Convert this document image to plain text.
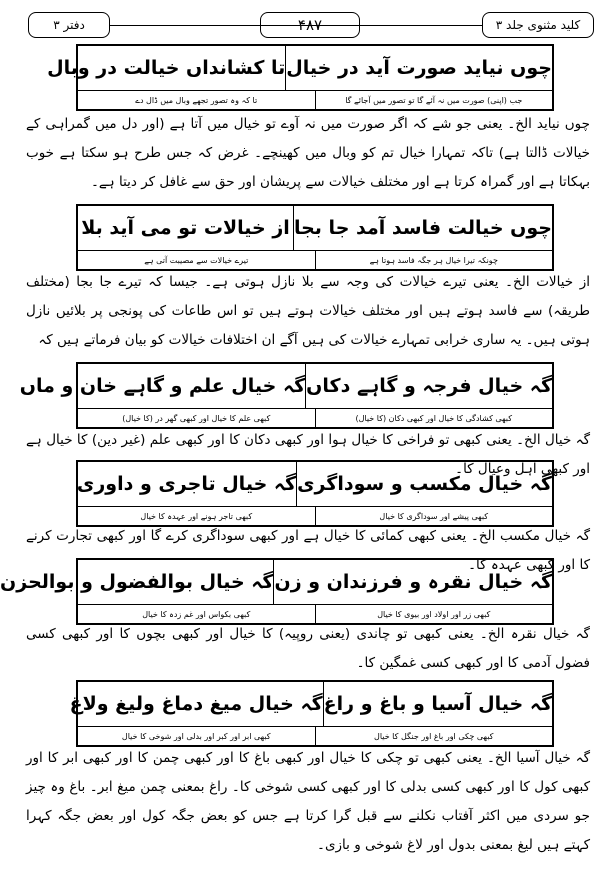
کلید مثنوی جلد ۳
۴۸۷
دفتر ۳
چوں نیاید صورت آید در خیال
تا کشانداں خیالت در وبال
جب (اپنی) صورت میں نہ آئے گا تو تصور میں آجائے گا
تا کہ وہ تصور تجھے وبال میں ڈال دے

چوں نیاید الخ۔ یعنی جو شے کہ اگر صورت میں نہ آوے تو خیال میں آتا ہے (اور دل میں گمراہی کے خیالات ڈالتا ہے) تاکہ تمہارا خیال تم کو وبال میں کھینچے۔ غرض کہ جس طرح ہو سکتا ہے خوب بہکاتا ہے اور گمراہ کرتا ہے اور مختلف خیالات سے پریشان اور حق سے غافل کر دیتا ہے۔

چوں خیالت فاسد آمد جا بجا
از خیالات تو می آید بلا
چونکہ تیرا خیال ہر جگہ فاسد ہوتا ہے
تیرے خیالات سے مصیبت آتی ہے

از خیالات الخ۔ یعنی تیرے خیالات کی وجہ سے بلا نازل ہوتی ہے۔ جیسا کہ تیرے جا بجا (مختلف طریقہ) سے فاسد ہوتے ہیں اور مختلف خیالات ہوتے ہیں تو اس طاعات کی پونجی پر بلائیں نازل ہوتی ہیں۔ یہ ساری خرابی تمہارے خیالات کی ہیں آگے ان اختلافات خیالات کو بیان فرماتے ہیں کہ

گہ خیال فرجہ و گاہے دکاں
گہ خیال علم و گاہے خان و ماں
کبھی کشادگی کا خیال اور کبھی دکان (کا خیال)
کبھی علم کا خیال اور کبھی گھر در (کا خیال)

گہ خیال الخ۔ یعنی کبھی تو فراخی کا خیال ہوا اور کبھی دکان کا اور کبھی علم (غیر دین) کا خیال ہے اور کبھی اہل وعیال کا۔

گہ خیال مکسب و سوداگری
گہ خیال تاجری و داوری
کبھی پیشے اور سوداگری کا خیال
کبھی تاجر ہونے اور عہدہ کا خیال

گہ خیال مکسب الخ۔ یعنی کبھی کمائی کا خیال ہے اور کبھی سوداگری کرے گا اور کبھی تجارت کرنے کا اور کبھی عہدہ کا۔

گہ خیال نقرہ و فرزندان و زن
گہ خیال بوالفضول و بوالحزن
کبھی زر اور اولاد اور بیوی کا خیال
کبھی بکواس اور غم زدہ کا خیال

گہ خیال نقرہ الخ۔ یعنی کبھی تو چاندی (یعنی روپیہ) کا خیال اور کبھی بچوں کا اور کبھی کسی فضول آدمی کا اور کبھی کسی غمگین کا۔

گہ خیال آسیا و باغ و راغ
گہ خیال میغ دماغ ولیغ ولاغ
کبھی چکی اور باغ اور جنگل کا خیال
کبھی ابر اور کبر اور بدلی اور شوخی کا خیال

گہ خیال آسیا الخ۔ یعنی کبھی تو چکی کا خیال اور کبھی باغ کا اور کبھی چمن کا اور کبھی ابر کا اور کبھی کول کا اور کبھی کسی بدلی کا اور کبھی کسی شوخی کا۔ راغ بمعنی چمن میغ ابر۔ باغ وہ چیز جو سردی میں اکثر آفتاب نکلنے سے قبل گرا کرتا ہے جس کو بعض جگہ کول اور بعض جگہ کہرا کہتے ہیں لیغ بمعنی بدول اور لاغ شوخی و بازی۔
